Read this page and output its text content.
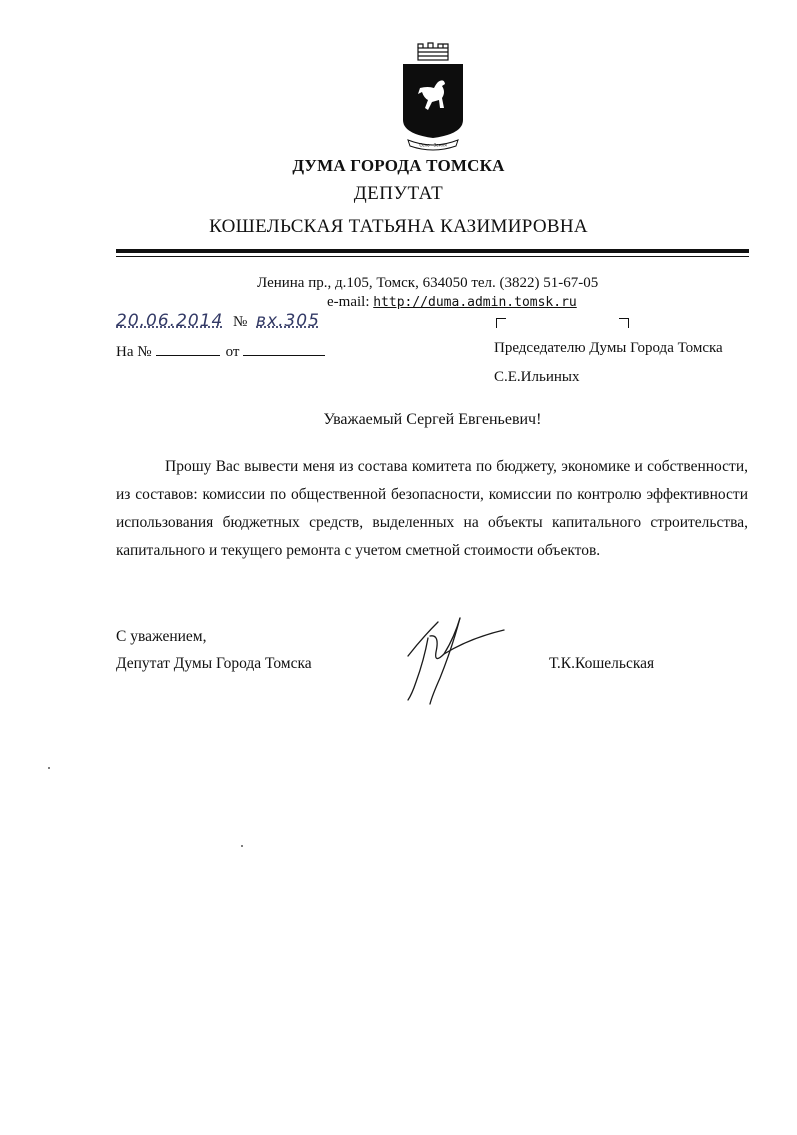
Село - Земля
ДУМА ГОРОДА ТОМСКА
ДЕПУТАТ
КОШЕЛЬСКАЯ ТАТЬЯНА КАЗИМИРОВНА
Ленина пр., д.105, Томск, 634050 тел. (3822) 51-67-05
e-mail: http://duma.admin.tomsk.ru
20.06.2014 № вх.305
На №	от	Председателю Думы Города Томска
С.Е.Ильиных
Уважаемый Сергей Евгеньевич!
Прошу Вас вывести меня из состава комитета по бюджету, экономике и собственности,
из составов: комиссии по общественной безопасности, комиссии по контролю эффективности
использования бюджетных средств, выделенных на объекты капитального строительства,
капитального и текущего ремонта с учетом сметной стоимости объектов.
С уважением,
Депутат Думы Города Томска	Т.К.Кошельская
